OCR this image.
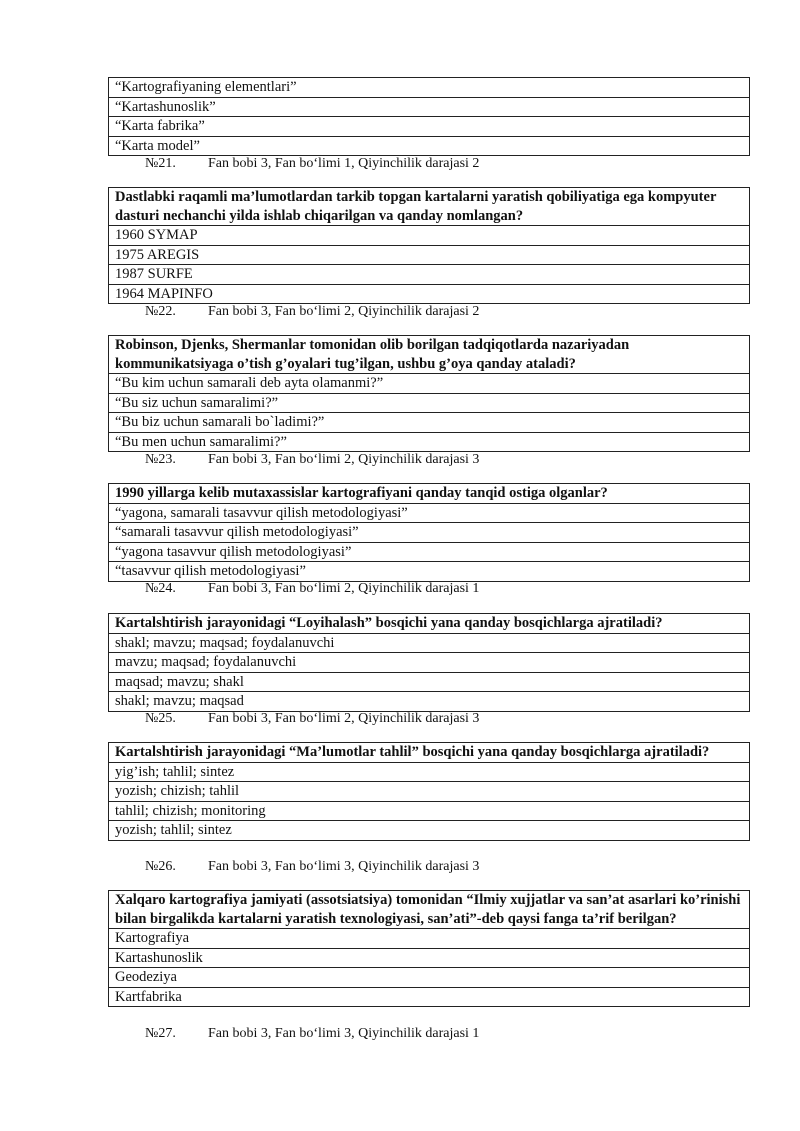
“Kartografiyaning elementlari”
“Kartashunoslik”
“Karta fabrika”
“Karta model”
№21. Fan bobi 3, Fan bo‘limi 1, Qiyinchilik darajasi 2
Dastlabki raqamli ma’lumotlardan tarkib topgan kartalarni yaratish qobiliyatiga ega kompyuter dasturi nechanchi yilda ishlab chiqarilgan va qanday nomlangan?
1960 SYMAP
1975 AREGIS
1987 SURFE
1964 MAPINFO
№22. Fan bobi 3, Fan bo‘limi 2, Qiyinchilik darajasi 2
Robinson, Djenks, Shermanlar tomonidan olib borilgan tadqiqotlarda nazariyadan kommunikatsiyaga o’tish g’oyalari tug’ilgan, ushbu g’oya qanday ataladi?
“Bu kim uchun samarali deb ayta olamanmi?”
“Bu siz uchun samaralimi?”
“Bu biz uchun samarali bo`ladimi?”
“Bu men uchun samaralimi?”
№23. Fan bobi 3, Fan bo‘limi 2, Qiyinchilik darajasi 3
1990 yillarga kelib mutaxassislar kartografiyani qanday tanqid ostiga olganlar?
“yagona, samarali tasavvur qilish metodologiyasi”
“samarali tasavvur qilish metodologiyasi”
“yagona tasavvur qilish metodologiyasi”
“tasavvur qilish metodologiyasi”
№24. Fan bobi 3, Fan bo‘limi 2, Qiyinchilik darajasi 1
Kartalshtirish jarayonidagi “Loyihalash” bosqichi yana qanday bosqichlarga ajratiladi?
shakl; mavzu; maqsad; foydalanuvchi
mavzu; maqsad; foydalanuvchi
maqsad; mavzu; shakl
shakl; mavzu; maqsad
№25. Fan bobi 3, Fan bo‘limi 2, Qiyinchilik darajasi 3
Kartalshtirish jarayonidagi “Ma’lumotlar tahlil” bosqichi yana qanday bosqichlarga ajratiladi?
yig’ish; tahlil; sintez
yozish; chizish; tahlil
tahlil; chizish; monitoring
yozish; tahlil; sintez
№26. Fan bobi 3, Fan bo‘limi 3, Qiyinchilik darajasi 3
Xalqaro kartografiya jamiyati (assotsiatsiya) tomonidan “Ilmiy xujjatlar va san’at asarlari ko’rinishi bilan birgalikda kartalarni yaratish texnologiyasi, san’ati”-deb qaysi fanga ta’rif berilgan?
Kartografiya
Kartashunoslik
Geodeziya
Kartfabrika
№27. Fan bobi 3, Fan bo‘limi 3, Qiyinchilik darajasi 1
